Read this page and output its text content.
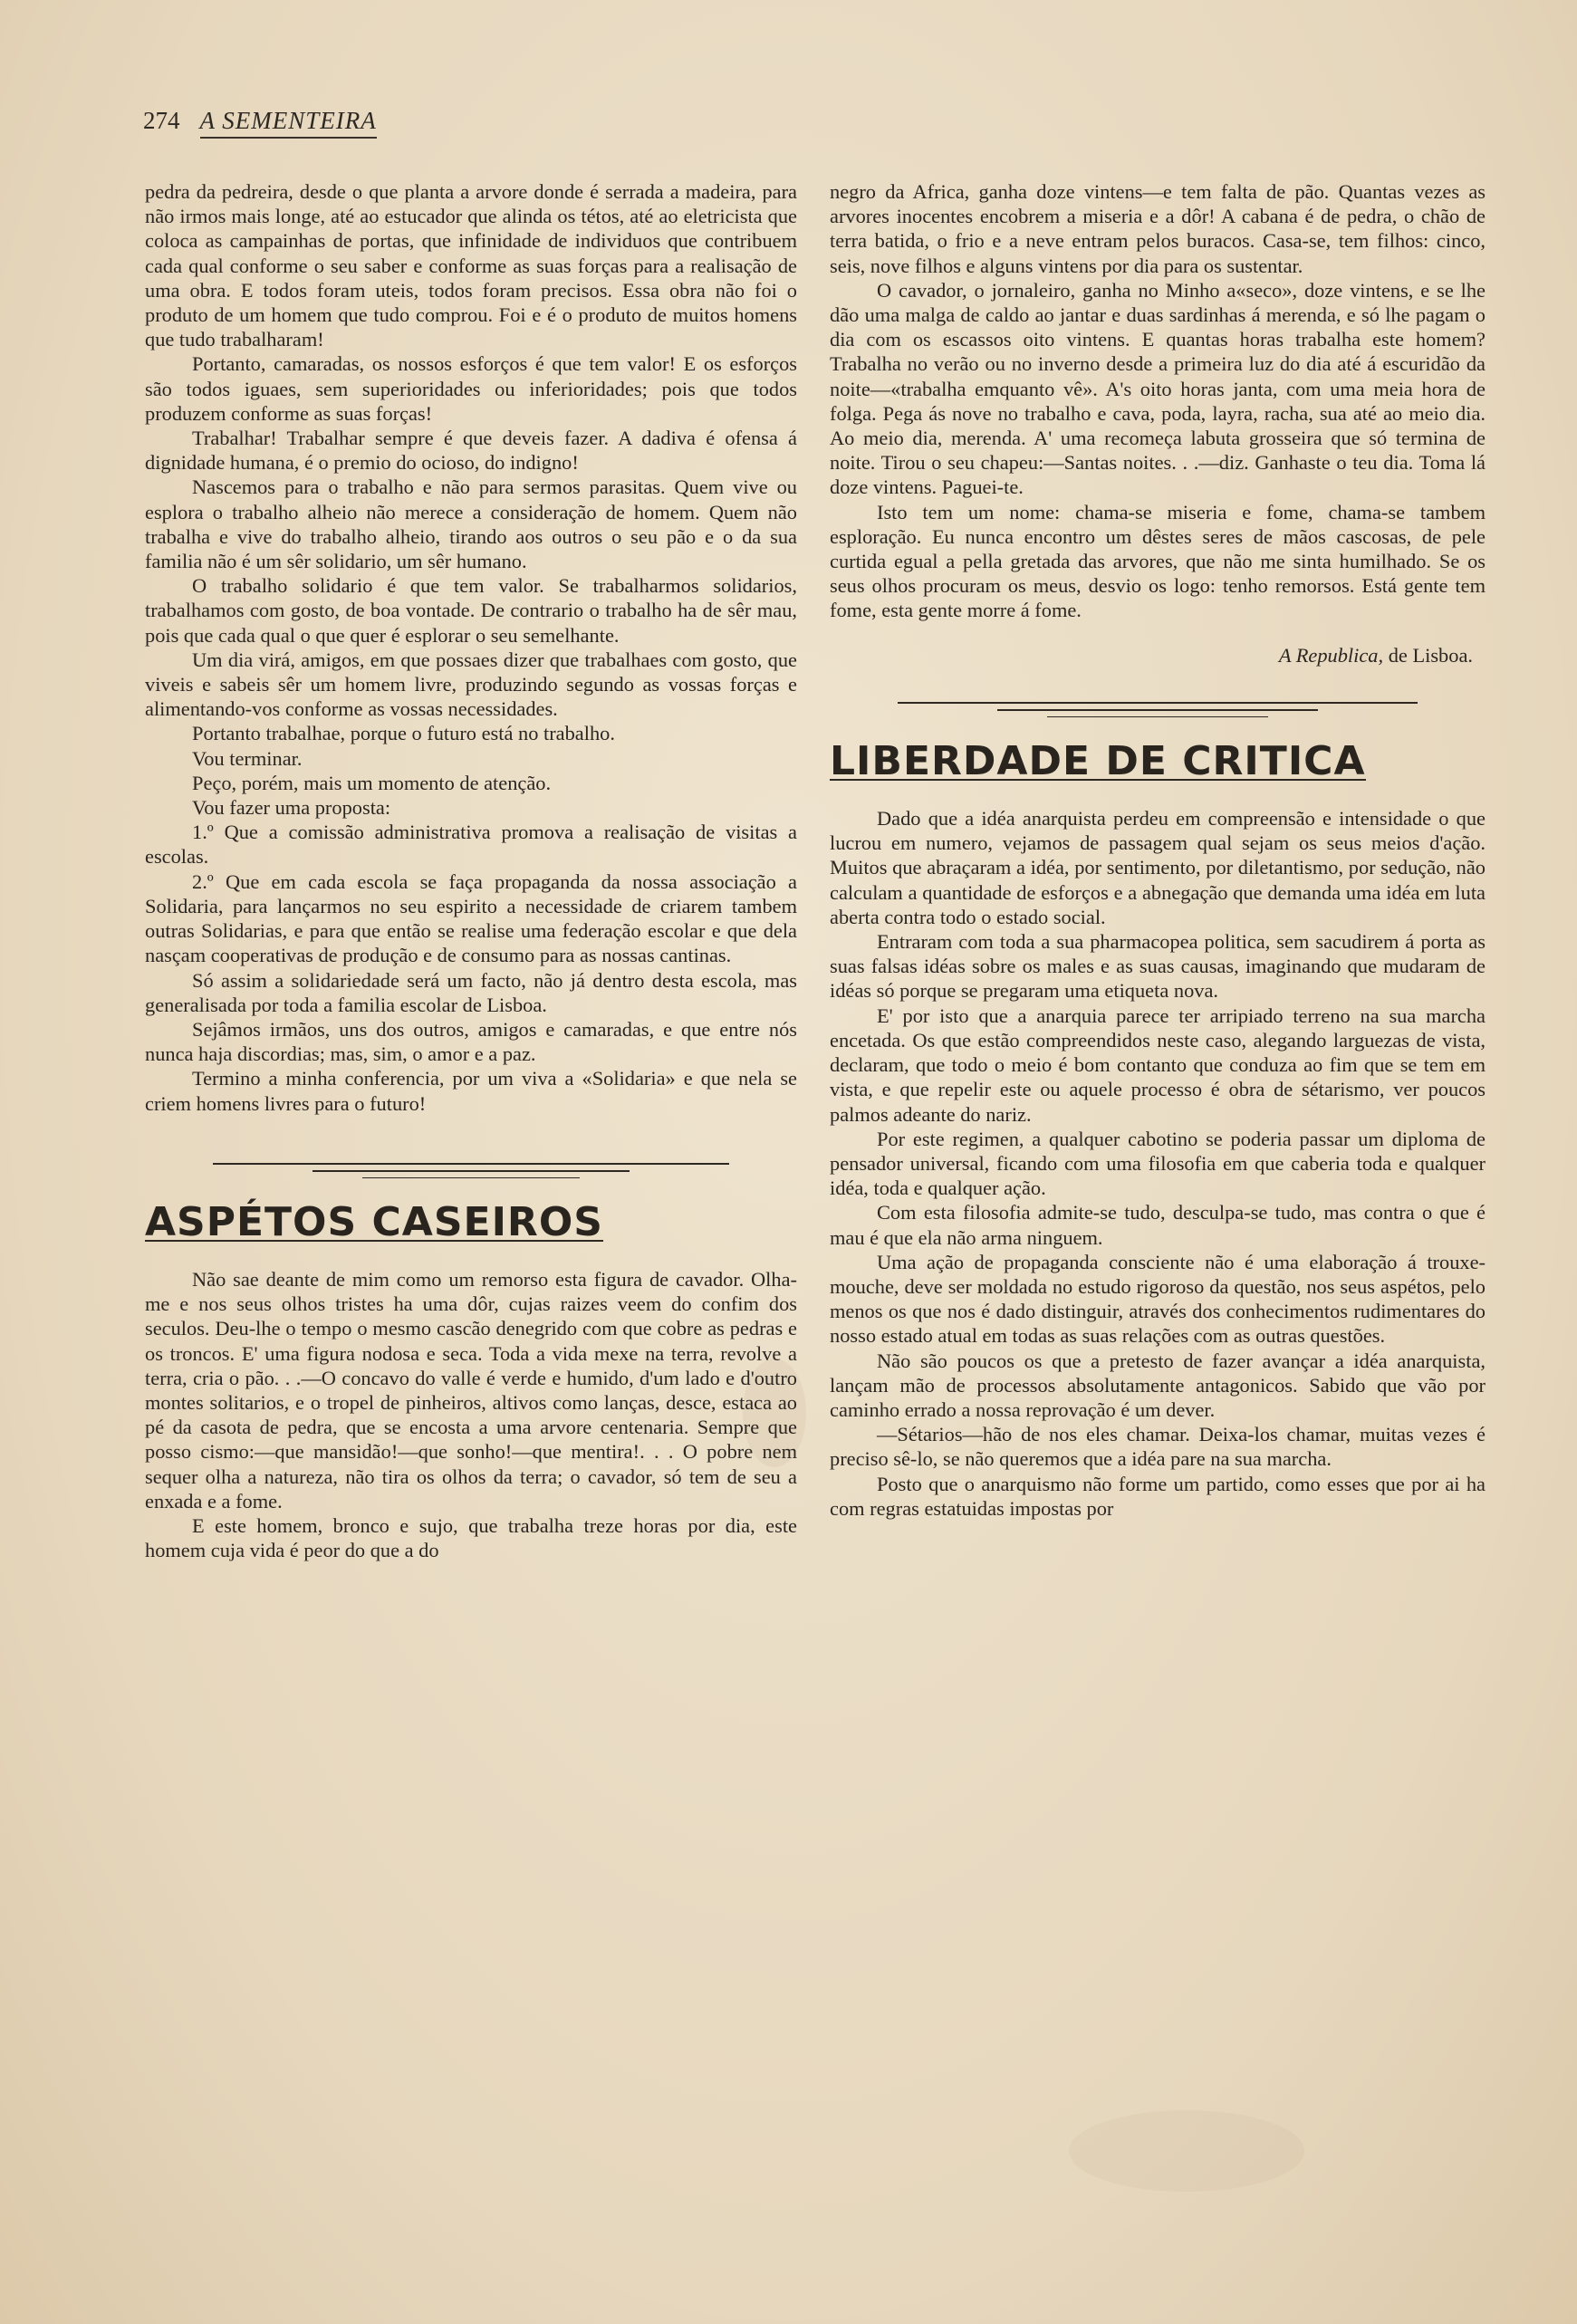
274 A SEMENTEIRA

pedra da pedreira, desde o que planta a arvore donde é serrada a madeira, para não irmos mais longe, até ao estucador que alinda os tétos, até ao eletricista que coloca as campainhas de portas, que infinidade de individuos que contribuem cada qual conforme o seu saber e conforme as suas forças para a realisação de uma obra. E todos foram uteis, todos foram precisos. Essa obra não foi o produto de um homem que tudo comprou. Foi e é o produto de muitos homens que tudo trabalharam!

Portanto, camaradas, os nossos esforços é que tem valor! E os esforços são todos iguaes, sem superioridades ou inferioridades; pois que todos produzem conforme as suas forças!

Trabalhar! Trabalhar sempre é que deveis fazer. A dadiva é ofensa á dignidade humana, é o premio do ocioso, do indigno!

Nascemos para o trabalho e não para sermos parasitas. Quem vive ou esplora o trabalho alheio não merece a consideração de homem. Quem não trabalha e vive do trabalho alheio, tirando aos outros o seu pão e o da sua familia não é um sêr solidario, um sêr humano.

O trabalho solidario é que tem valor. Se trabalharmos solidarios, trabalhamos com gosto, de boa vontade. De contrario o trabalho ha de sêr mau, pois que cada qual o que quer é esplorar o seu semelhante.

Um dia virá, amigos, em que possaes dizer que trabalhaes com gosto, que viveis e sabeis sêr um homem livre, produzindo segundo as vossas forças e alimentando-vos conforme as vossas necessidades.

Portanto trabalhae, porque o futuro está no trabalho.

Vou terminar.

Peço, porém, mais um momento de atenção.

Vou fazer uma proposta:

1.º Que a comissão administrativa promova a realisação de visitas a escolas.

2.º Que em cada escola se faça propaganda da nossa associação a Solidaria, para lançarmos no seu espirito a necessidade de criarem tambem outras Solidarias, e para que então se realise uma federação escolar e que dela nasçam cooperativas de produção e de consumo para as nossas cantinas.

Só assim a solidariedade será um facto, não já dentro desta escola, mas generalisada por toda a familia escolar de Lisboa.

Sejâmos irmãos, uns dos outros, amigos e camaradas, e que entre nós nunca haja discordias; mas, sim, o amor e a paz.

Termino a minha conferencia, por um viva a «Solidaria» e que nela se criem homens livres para o futuro!

ASPÉTOS CASEIROS

Não sae deante de mim como um remorso esta figura de cavador. Olha-me e nos seus olhos tristes ha uma dôr, cujas raizes veem do confim dos seculos. Deu-lhe o tempo o mesmo cascão denegrido com que cobre as pedras e os troncos. E' uma figura nodosa e seca. Toda a vida mexe na terra, revolve a terra, cria o pão. . .—O concavo do valle é verde e humido, d'um lado e d'outro montes solitarios, e o tropel de pinheiros, altivos como lanças, desce, estaca ao pé da casota de pedra, que se encosta a uma arvore centenaria. Sempre que posso cismo:—que mansidão!—que sonho!—que mentira!. . . O pobre nem sequer olha a natureza, não tira os olhos da terra; o cavador, só tem de seu a enxada e a fome.

E este homem, bronco e sujo, que trabalha treze horas por dia, este homem cuja vida é peor do que a do

negro da Africa, ganha doze vintens—e tem falta de pão. Quantas vezes as arvores inocentes encobrem a miseria e a dôr! A cabana é de pedra, o chão de terra batida, o frio e a neve entram pelos buracos. Casa-se, tem filhos: cinco, seis, nove filhos e alguns vintens por dia para os sustentar.

O cavador, o jornaleiro, ganha no Minho a«seco», doze vintens, e se lhe dão uma malga de caldo ao jantar e duas sardinhas á merenda, e só lhe pagam o dia com os escassos oito vintens. E quantas horas trabalha este homem? Trabalha no verão ou no inverno desde a primeira luz do dia até á escuridão da noite—«trabalha emquanto vê». A's oito horas janta, com uma meia hora de folga. Pega ás nove no trabalho e cava, poda, layra, racha, sua até ao meio dia. Ao meio dia, merenda. A' uma recomeça labuta grosseira que só termina de noite. Tirou o seu chapeu:—Santas noites. . .—diz. Ganhaste o teu dia. Toma lá doze vintens. Paguei-te.

Isto tem um nome: chama-se miseria e fome, chama-se tambem esploração. Eu nunca encontro um dêstes seres de mãos cascosas, de pele curtida egual a pella gretada das arvores, que não me sinta humilhado. Se os seus olhos procuram os meus, desvio os logo: tenho remorsos. Está gente tem fome, esta gente morre á fome.

A Republica, de Lisboa.

LIBERDADE DE CRITICA

Dado que a idéa anarquista perdeu em compreensão e intensidade o que lucrou em numero, vejamos de passagem qual sejam os seus meios d'ação. Muitos que abraçaram a idéa, por sentimento, por diletantismo, por sedução, não calculam a quantidade de esforços e a abnegação que demanda uma idéa em luta aberta contra todo o estado social.

Entraram com toda a sua pharmacopea politica, sem sacudirem á porta as suas falsas idéas sobre os males e as suas causas, imaginando que mudaram de idéas só porque se pregaram uma etiqueta nova.

E' por isto que a anarquia parece ter arripiado terreno na sua marcha encetada. Os que estão compreendidos neste caso, alegando larguezas de vista, declaram, que todo o meio é bom contanto que conduza ao fim que se tem em vista, e que repelir este ou aquele processo é obra de sétarismo, ver poucos palmos adeante do nariz.

Por este regimen, a qualquer cabotino se poderia passar um diploma de pensador universal, ficando com uma filosofia em que caberia toda e qualquer idéa, toda e qualquer ação.

Com esta filosofia admite-se tudo, desculpa-se tudo, mas contra o que é mau é que ela não arma ninguem.

Uma ação de propaganda consciente não é uma elaboração á trouxe-mouche, deve ser moldada no estudo rigoroso da questão, nos seus aspétos, pelo menos os que nos é dado distinguir, através dos conhecimentos rudimentares do nosso estado atual em todas as suas relações com as outras questões.

Não são poucos os que a pretesto de fazer avançar a idéa anarquista, lançam mão de processos absolutamente antagonicos. Sabido que vão por caminho errado a nossa reprovação é um dever.

—Sétarios—hão de nos eles chamar. Deixa-los chamar, muitas vezes é preciso sê-lo, se não queremos que a idéa pare na sua marcha.

Posto que o anarquismo não forme um partido, como esses que por ai ha com regras estatuidas impostas por
